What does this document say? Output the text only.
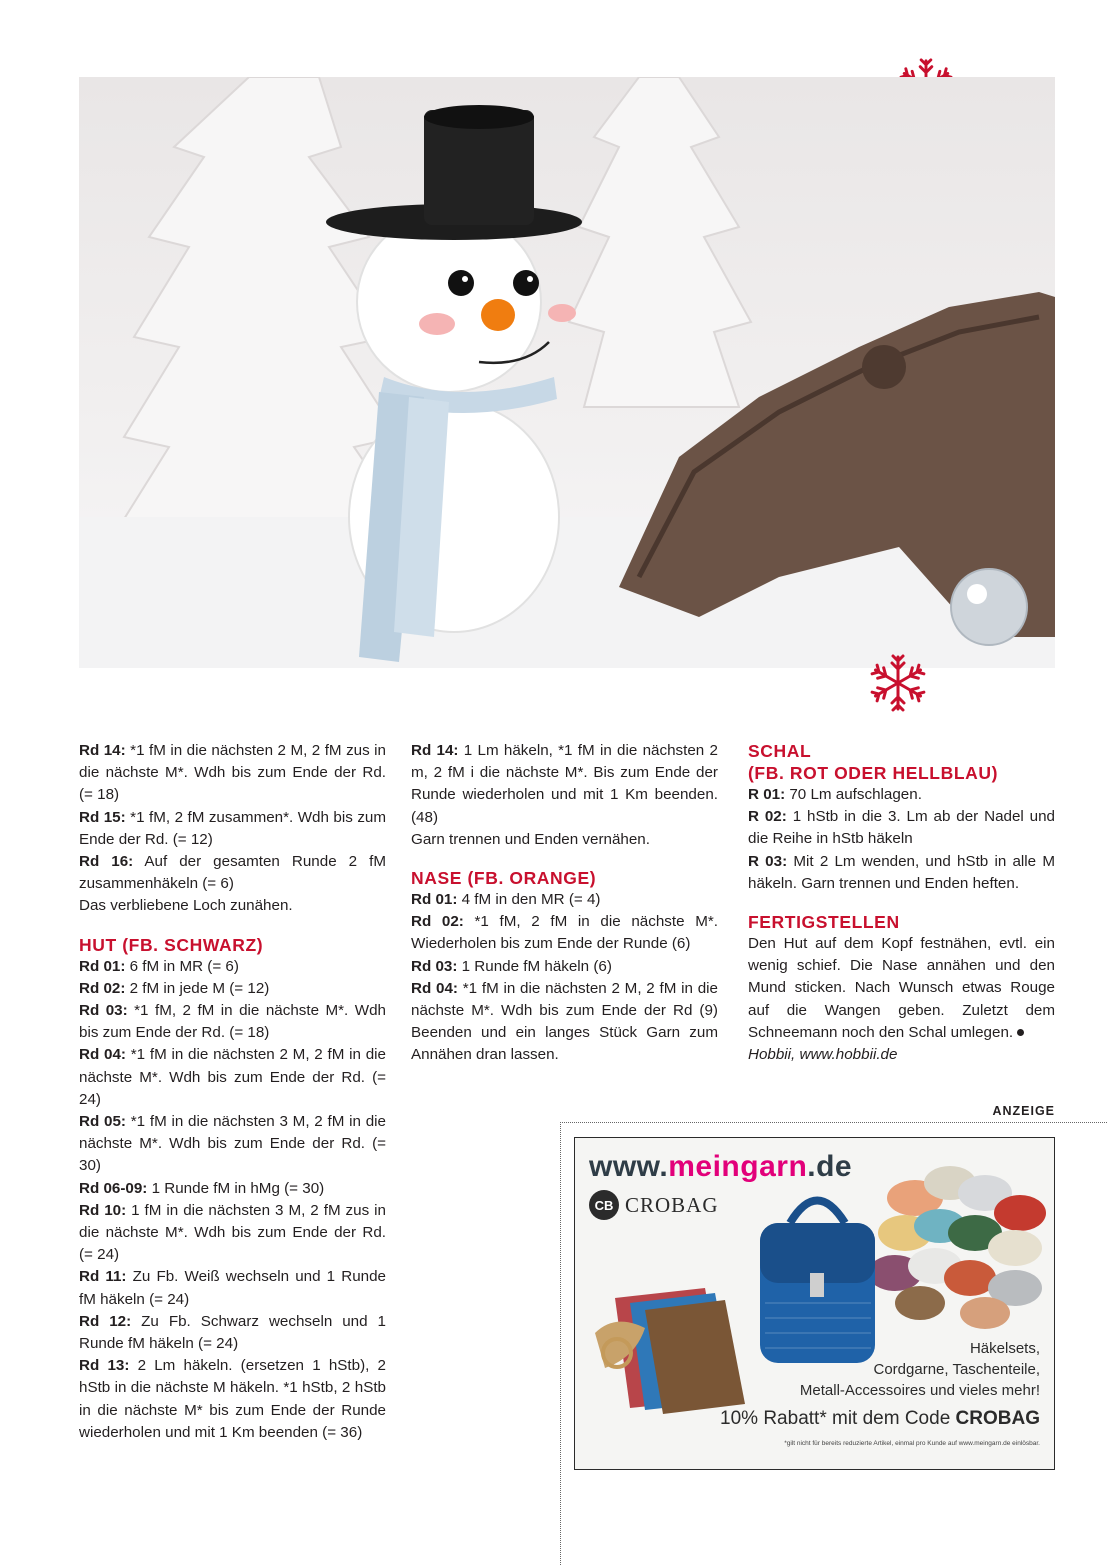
Rd 14: *1 fM in die nächsten 2 M, 2 fM zus in die nächste M*. Wdh bis zum Ende der Rd. (= 18)

Rd 15: *1 fM, 2 fM zusammen*. Wdh bis zum Ende der Rd. (= 12)

Rd 16: Auf der gesamten Runde 2 fM zusammenhäkeln (= 6)

Das verbliebene Loch zunähen.

HUT (FB. SCHWARZ)

Rd 01: 6 fM in MR (= 6)

Rd 02: 2 fM in jede M (= 12)

Rd 03: *1 fM, 2 fM in die nächste M*. Wdh bis zum Ende der Rd. (= 18)

Rd 04: *1 fM in die nächsten 2 M, 2 fM in die nächste M*. Wdh bis zum Ende der Rd. (= 24)

Rd 05: *1 fM in die nächsten 3 M, 2 fM in die nächste M*. Wdh bis zum Ende der Rd. (= 30)

Rd 06-09: 1 Runde fM in hMg (= 30)

Rd 10: 1 fM in die nächsten 3 M, 2 fM zus in die nächste M*. Wdh bis zum Ende der Rd. (= 24)

Rd 11: Zu Fb. Weiß wechseln und 1 Runde fM häkeln (= 24)

Rd 12: Zu Fb. Schwarz wechseln und 1 Runde fM häkeln (= 24)

Rd 13: 2 Lm häkeln. (ersetzen 1 hStb), 2 hStb in die nächste M häkeln. *1 hStb, 2 hStb in die nächste M* bis zum Ende der Runde wiederholen und mit 1 Km beenden (= 36)

Rd 14: 1 Lm häkeln, *1 fM in die nächsten 2 m, 2 fM i die nächste M*. Bis zum Ende der Runde wiederholen und mit 1 Km beenden. (48)

Garn trennen und Enden vernähen.

NASE (FB. ORANGE)

Rd 01: 4 fM in den MR (= 4)

Rd 02: *1 fM, 2 fM in die nächste M*. Wiederholen bis zum Ende der Runde (6)

Rd 03: 1 Runde fM häkeln (6)

Rd 04: *1 fM in die nächsten 2 M, 2 fM in die nächste M*. Wdh bis zum Ende der Rd (9) Beenden und ein langes Stück Garn zum Annähen dran lassen.

SCHAL
(FB. ROT ODER HELLBLAU)

R 01: 70 Lm aufschlagen.

R 02: 1 hStb in die 3. Lm ab der Nadel und die Reihe in hStb häkeln

R 03: Mit 2 Lm wenden, und hStb in alle M häkeln. Garn trennen und Enden heften.

FERTIGSTELLEN

Den Hut auf dem Kopf festnähen, evtl. ein wenig schief. Die Nase annähen und den Mund sticken. Nach Wunsch etwas Rouge auf die Wangen geben. Zuletzt dem Schneemann noch den Schal umlegen.

Hobbii, www.hobbii.de

ANZEIGE
www.meingarn.de
CB CROBAG
Häkelsets,
Cordgarne, Taschenteile,
Metall-Accessoires und vieles mehr!
10% Rabatt* mit dem Code CROBAG
*gilt nicht für bereits reduzierte Artikel, einmal pro Kunde auf www.meingarn.de einlösbar.
